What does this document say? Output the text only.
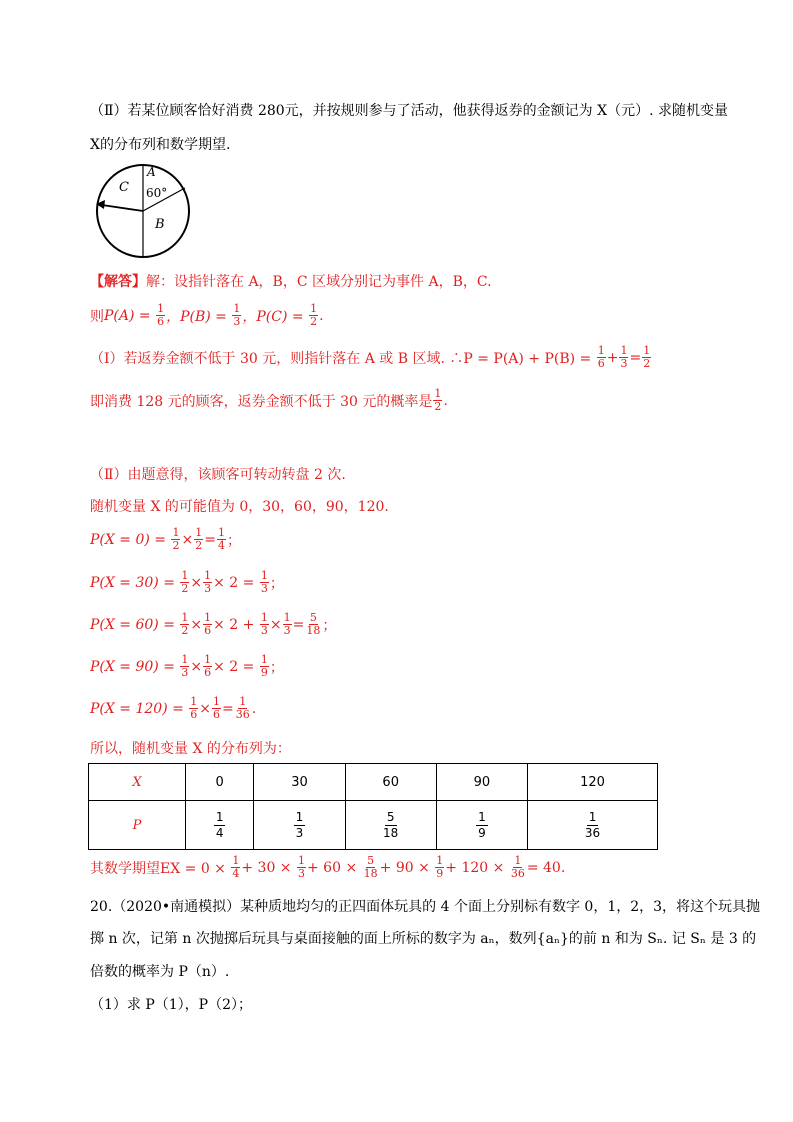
（Ⅱ）若某位顾客恰好消费 280元，并按规则参与了活动，他获得返券的金额记为 X（元）. 求随机变量
X的分布列和数学期望.
A
60°
B
C
【解答】解：设指针落在 A，B，C 区域分别记为事件 A，B，C.
则 P(A) =
$\frac{1}{6}$ ，P(B) =
$\frac{1}{3}$ ，P(C) =
$\frac{1}{2}$ .
（Ⅰ）若返券金额不低于 30 元，则指针落在 A 或 B 区域. ∴P = P(A) + P(B) =
$\frac{1}{6} + \frac{1}{3} = \frac{1}{2}$
即消费 128 元的顾客，返券金额不低于 30 元的概率是 $\frac{1}{2}$ .
（Ⅱ）由题意得，该顾客可转动转盘 2 次.
随机变量 X 的可能值为 0，30，60，90，120.
P(X = 0) =
$\frac{1}{2} \times \frac{1}{2} = \frac{1}{4}$ ；
P(X = 30) =
$\frac{1}{2} \times \frac{1}{3} \times 2$ =
$\frac{1}{3}$ ；
P(X = 60) =
$\frac{1}{2} \times \frac{1}{6} \times 2$ +
$\frac{1}{3} \times \frac{1}{3} = \frac{5}{18}$ ；
P(X = 90) =
$\frac{1}{3} \times \frac{1}{6} \times 2$ =
$\frac{1}{9}$ ；
P(X = 120) =
$\frac{1}{6} \times \frac{1}{6} = \frac{1}{36}$ .
所以，随机变量 X 的分布列为：
X	0	30	60	90	120
P	$\frac{1}{4}$	$\frac{1}{3}$	$\frac{5}{18}$	$\frac{1}{9}$	$\frac{1}{36}$
其数学期望EX = 0 ×
$\frac{1}{4} + 30$ ×
$\frac{1}{3} + 60$ ×
$\frac{5}{18} + 90$ ×
$\frac{1}{9} + 120$ ×
$\frac{1}{36} = 40$.
20.（2020•南通模拟）某种质地均匀的正四面体玩具的 4 个面上分别标有数字 0，1，2，3，将这个玩具抛
掷 n 次，记第 n 次抛掷后玩具与桌面接触的面上所标的数字为 aₙ，数列{aₙ}的前 n 和为 Sₙ. 记 Sₙ 是 3 的
倍数的概率为 P（n）.
（1）求 P（1），P（2）；
